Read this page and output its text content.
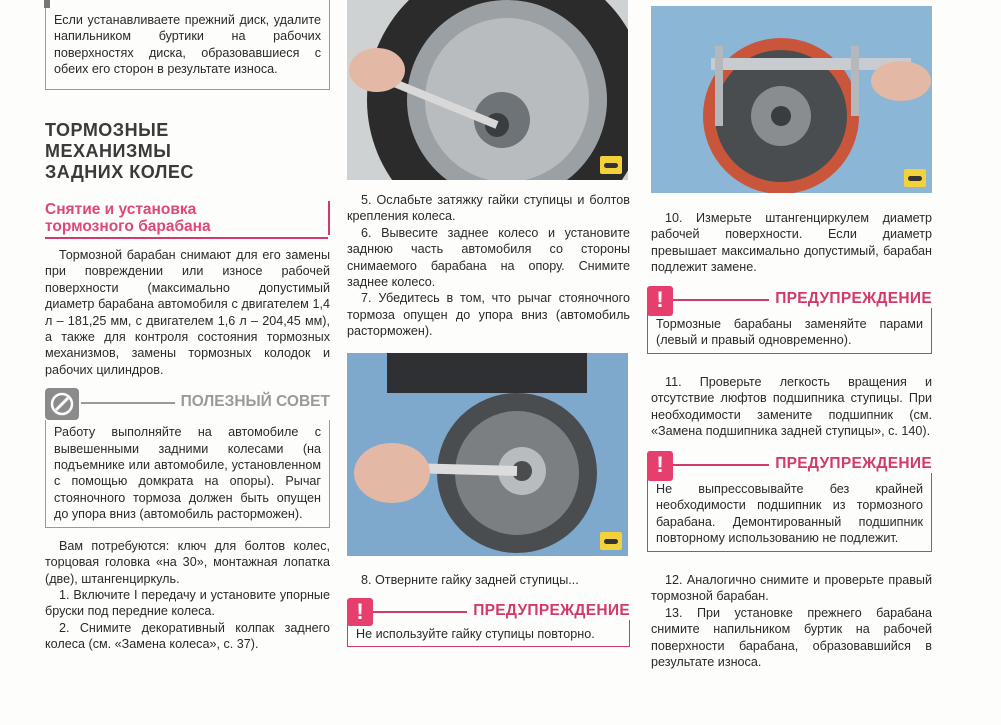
Если устанавливаете прежний диск, удалите напильником буртики на рабочих поверхностях диска, образовавшиеся с обеих его сторон в результате износа.
ТОРМОЗНЫЕ
МЕХАНИЗМЫ
ЗАДНИХ КОЛЕС
Снятие и установка
тормозного барабана

Тормозной барабан снимают для его замены при повреждении или износе рабочей поверхности (максимально допустимый диаметр барабана автомобиля с двигателем 1,4 л – 181,25 мм, с двигателем 1,6 л – 204,45 мм), а также для контроля состояния тормозных механизмов, замены тормозных колодок и рабочих цилиндров.

ПОЛЕЗНЫЙ СОВЕТ
Работу выполняйте на автомобиле с вывешенными задними колесами (на подъемнике или автомобиле, установленном с помощью домкрата на опоры). Рычаг стояночного тормоза должен быть опущен до упора вниз (автомобиль расторможен).

Вам потребуются: ключ для болтов колес, торцовая головка «на 30», монтажная лопатка (две), штангенциркуль.

1. Включите I передачу и установите упорные бруски под передние колеса.

2. Снимите декоративный колпак заднего колеса (см. «Замена колеса», с. 37).

5. Ослабьте затяжку гайки ступицы и болтов крепления колеса.

6. Вывесите заднее колесо и установите заднюю часть автомобиля со стороны снимаемого барабана на опору. Снимите заднее колесо.

7. Убедитесь в том, что рычаг стояночного тормоза опущен до упора вниз (автомобиль расторможен).

8. Отверните гайку задней ступицы...
!
ПРЕДУПРЕЖДЕНИЕ
Не используйте гайку ступицы повторно.

10. Измерьте штангенциркулем диаметр рабочей поверхности. Если диаметр превышает максимально допустимый, барабан подлежит замене.

!
ПРЕДУПРЕЖДЕНИЕ
Тормозные барабаны заменяйте парами (левый и правый одновременно).

11. Проверьте легкость вращения и отсутствие люфтов подшипника ступицы. При необходимости замените подшипник (см. «Замена подшипника задней ступицы», с. 140).

!
ПРЕДУПРЕЖДЕНИЕ
Не выпрессовывайте без крайней необходимости подшипник из тормозного барабана. Демонтированный подшипник повторному использованию не подлежит.

12. Аналогично снимите и проверьте правый тормозной барабан.

13. При установке прежнего барабана снимите напильником буртик на рабочей поверхности барабана, образовавшийся в результате износа.
